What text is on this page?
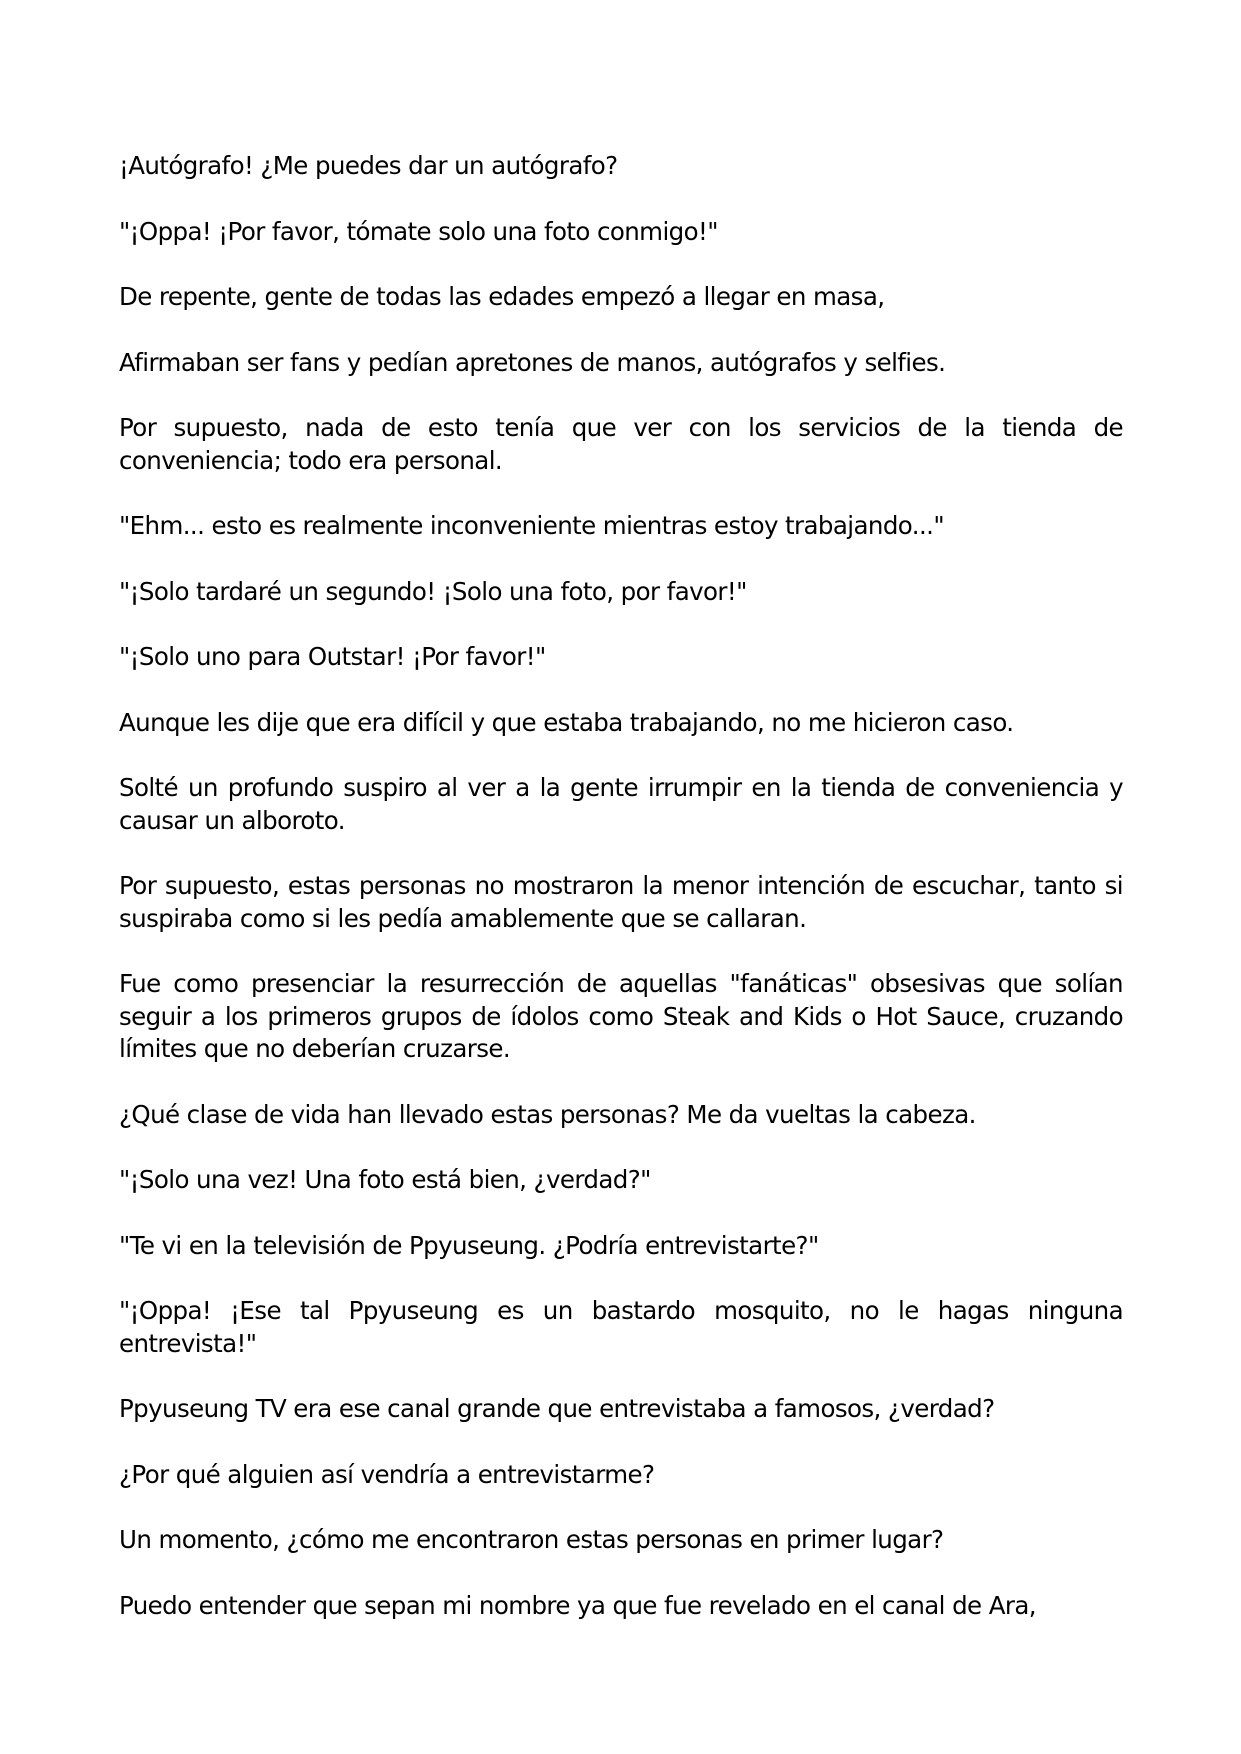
¡Autógrafo! ¿Me puedes dar un autógrafo?

"¡Oppa! ¡Por favor, tómate solo una foto conmigo!"

De repente, gente de todas las edades empezó a llegar en masa,

Afirmaban ser fans y pedían apretones de manos, autógrafos y selfies.

Por supuesto, nada de esto tenía que ver con los servicios de la tienda de conveniencia; todo era personal.

"Ehm... esto es realmente inconveniente mientras estoy trabajando..."

"¡Solo tardaré un segundo! ¡Solo una foto, por favor!"

"¡Solo uno para Outstar! ¡Por favor!"

Aunque les dije que era difícil y que estaba trabajando, no me hicieron caso.

Solté un profundo suspiro al ver a la gente irrumpir en la tienda de conveniencia y causar un alboroto.

Por supuesto, estas personas no mostraron la menor intención de escuchar, tanto si suspiraba como si les pedía amablemente que se callaran.

Fue como presenciar la resurrección de aquellas "fanáticas" obsesivas que solían seguir a los primeros grupos de ídolos como Steak and Kids o Hot Sauce, cruzando límites que no deberían cruzarse.

¿Qué clase de vida han llevado estas personas? Me da vueltas la cabeza.

"¡Solo una vez! Una foto está bien, ¿verdad?"

"Te vi en la televisión de Ppyuseung. ¿Podría entrevistarte?"

"¡Oppa! ¡Ese tal Ppyuseung es un bastardo mosquito, no le hagas ninguna entrevista!"

Ppyuseung TV era ese canal grande que entrevistaba a famosos, ¿verdad?

¿Por qué alguien así vendría a entrevistarme?

Un momento, ¿cómo me encontraron estas personas en primer lugar?

Puedo entender que sepan mi nombre ya que fue revelado en el canal de Ara,
